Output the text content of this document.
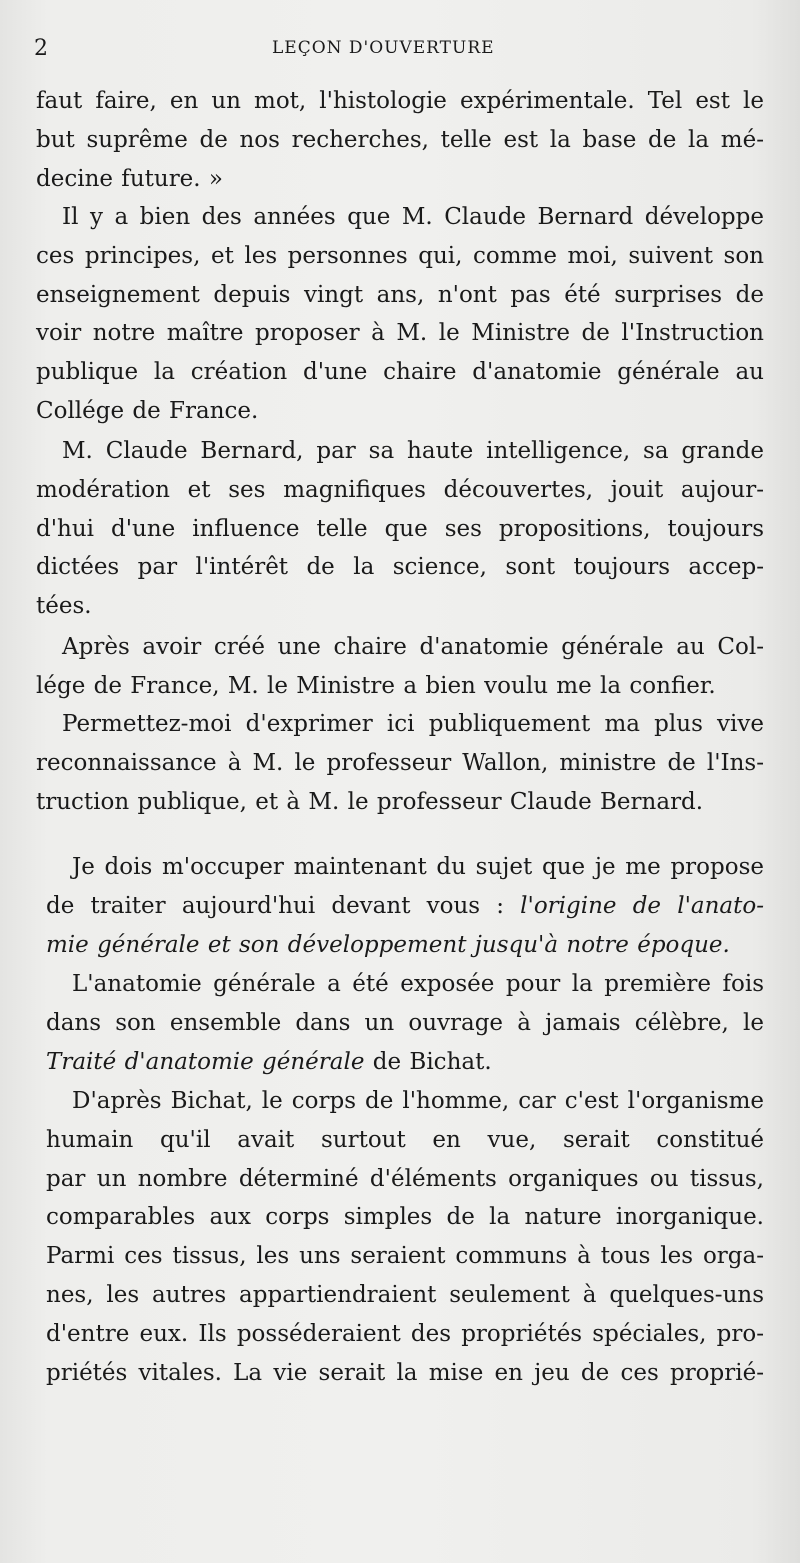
2	LEÇON D'OUVERTURE

faut faire, en un mot, l'histologie expérimentale. Tel est le
but suprême de nos recherches, telle est la base de la mé-
decine future. »

Il y a bien des années que M. Claude Bernard développe
ces principes, et les personnes qui, comme moi, suivent son
enseignement depuis vingt ans, n'ont pas été surprises de
voir notre maître proposer à M. le Ministre de l'Instruction
publique la création d'une chaire d'anatomie générale au
Collége de France.

M. Claude Bernard, par sa haute intelligence, sa grande
modération et ses magnifiques découvertes, jouit aujour-
d'hui d'une influence telle que ses propositions, toujours
dictées par l'intérêt de la science, sont toujours accep-
tées.

Après avoir créé une chaire d'anatomie générale au Col-
lége de France, M. le Ministre a bien voulu me la confier.

Permettez-moi d'exprimer ici publiquement ma plus vive
reconnaissance à M. le professeur Wallon, ministre de l'Ins-
truction publique, et à M. le professeur Claude Bernard.

Je dois m'occuper maintenant du sujet que je me propose
de traiter aujourd'hui devant vous : l'origine de l'anato-
mie générale et son développement jusqu'à notre époque.

L'anatomie générale a été exposée pour la première fois
dans son ensemble dans un ouvrage à jamais célèbre, le
Traité d'anatomie générale de Bichat.

D'après Bichat, le corps de l'homme, car c'est l'organisme
humain qu'il avait surtout en vue, serait constitué
par un nombre déterminé d'éléments organiques ou tissus,
comparables aux corps simples de la nature inorganique.
Parmi ces tissus, les uns seraient communs à tous les orga-
nes, les autres appartiendraient seulement à quelques-uns
d'entre eux. Ils posséderaient des propriétés spéciales, pro-
priétés vitales. La vie serait la mise en jeu de ces proprié-
